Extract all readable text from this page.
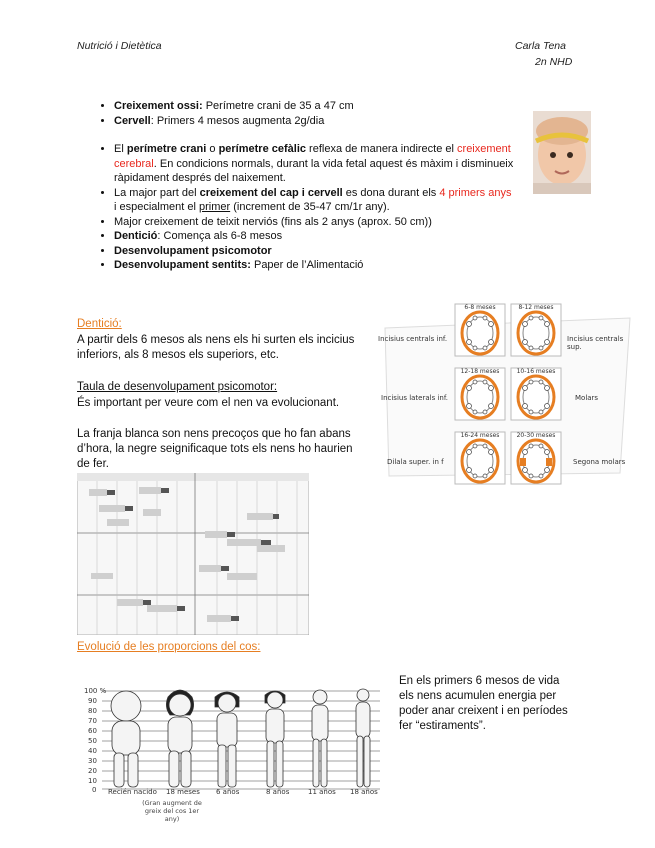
Nutrició i Dietètica	Carla Tena
2n NHD
• Creixement ossi: Perímetre crani de 35 a 47 cm
• Cervell: Primers 4 mesos augmenta 2g/dia
• El perímetre crani o perímetre cefàlic reflexa de manera indirecte el creixement cerebral. En condicions normals, durant la vida fetal aquest és màxim i disminueix ràpidament després del naixement.
• La major part del creixement del cap i cervell es dona durant els 4 primers anys i especialment el primer (increment de 35-47 cm/1r any).
• Major creixement de teixit nerviós (fins als 2 anys (aprox. 50 cm))
• Dentició: Comença als 6-8 mesos
• Desenvolupament psicomotor
• Desenvolupament sentits: Paper de l’Alimentació
Dentició:
A partir dels 6 mesos als nens els hi surten els incicius inferiors, als 8 mesos els superiors, etc.
6-8 meses	8-12 meses
12-18 meses	10-16 meses
16-24 meses	20-30 meses
Incisius centrals inf.
Incisius laterals inf.
Dilala super. in f
Incisius centrals sup.
Molars
Segona molars
Taula de desenvolupament psicomotor:
És important per veure com el nen va evolucionant.
La franja blanca son nens precoços que ho fan abans d’hora, la negre seignificaque tots els nens ho haurien de fer.
Evolució de les proporcions del cos:
En els primers 6 mesos de vida els nens acumulen energia per poder anar creixent i en períodes fer “estiraments”.
100 %
90
80
70
60
50
40
30
20
10
0 Recién nacido 18 meses 6 años	8 años	11 años 18 años
(Gran augment de greix del cos 1er any)
